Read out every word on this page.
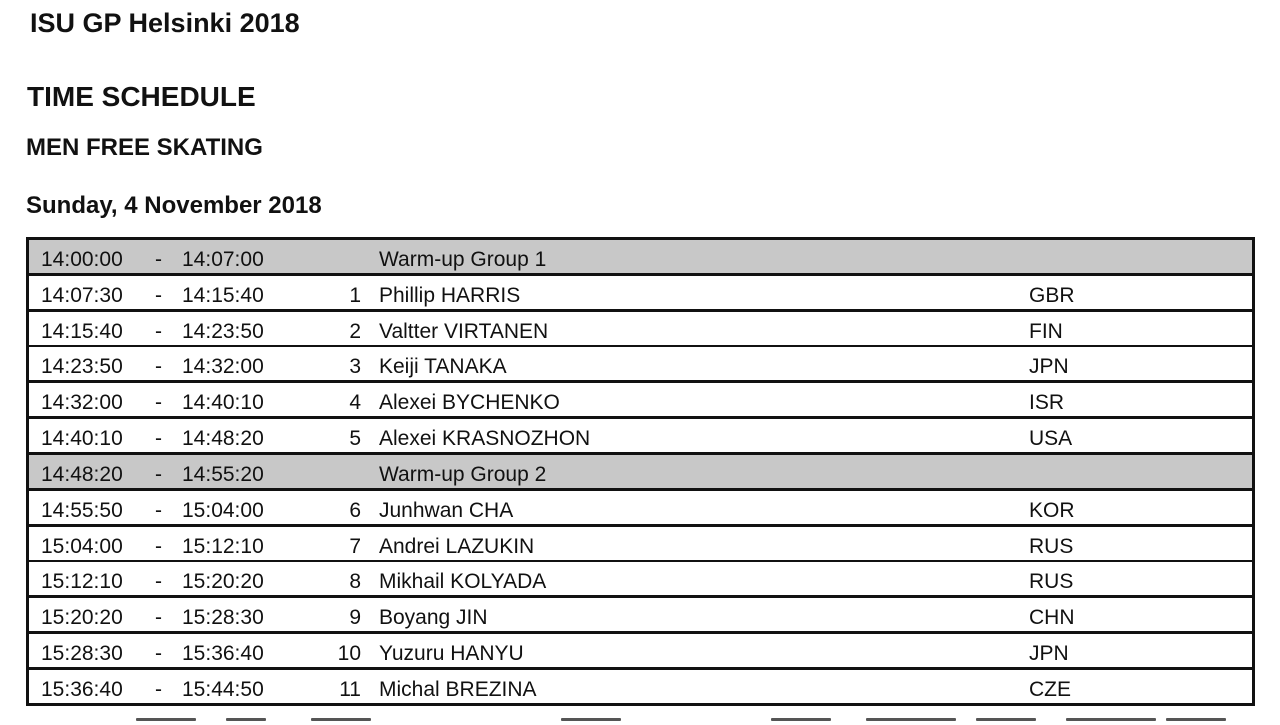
ISU GP Helsinki 2018
TIME SCHEDULE
MEN FREE SKATING
Sunday, 4 November 2018
14:00:00 - 14:07:00	Warm-up Group 1
14:07:30 - 14:15:40	1 Phillip HARRIS	GBR
14:15:40 - 14:23:50	2 Valtter VIRTANEN	FIN
14:23:50 - 14:32:00	3 Keiji TANAKA	JPN
14:32:00 - 14:40:10	4 Alexei BYCHENKO	ISR
14:40:10 - 14:48:20	5 Alexei KRASNOZHON	USA
14:48:20 - 14:55:20	Warm-up Group 2
14:55:50 - 15:04:00	6 Junhwan CHA	KOR
15:04:00 - 15:12:10	7 Andrei LAZUKIN	RUS
15:12:10 - 15:20:20	8 Mikhail KOLYADA	RUS
15:20:20 - 15:28:30	9 Boyang JIN	CHN
15:28:30 - 15:36:40	10 Yuzuru HANYU	JPN
15:36:40 - 15:44:50	11 Michal BREZINA	CZE
